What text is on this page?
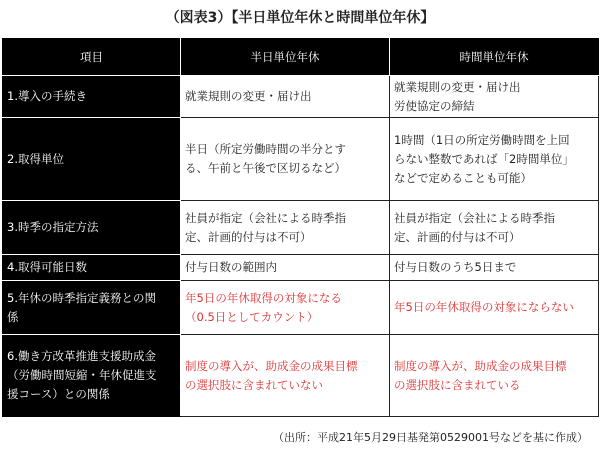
（図表3）【半日単位年休と時間単位年休】
項目	半日単位年休	時間単位年休

1.導入の手続き	就業規則の変更・届け出	就業規則の変更・届け出
労使協定の締結

2.取得単位	半日（所定労働時間の半分とす
る、午前と午後で区切るなど）	1時間（1日の所定労働時間を上回
らない整数であれば「2時間単位」
などで定めることも可能）

3.時季の指定方法	社員が指定（会社による時季指
定、計画的付与は不可）	社員が指定（会社による時季指
定、計画的付与は不可）

4.取得可能日数	付与日数の範囲内	付与日数のうち5日まで

5.年休の時季指定義務との関
係	年5日の年休取得の対象になる
（0.5日としてカウント）	年5日の年休取得の対象にならない

6.働き方改革推進支援助成金
（労働時間短縮・年休促進支
援コース）との関係	制度の導入が、助成金の成果目標
の選択肢に含まれていない	制度の導入が、助成金の成果目標
の選択肢に含まれている
（出所：平成21年5月29日基発第0529001号などを基に作成）
